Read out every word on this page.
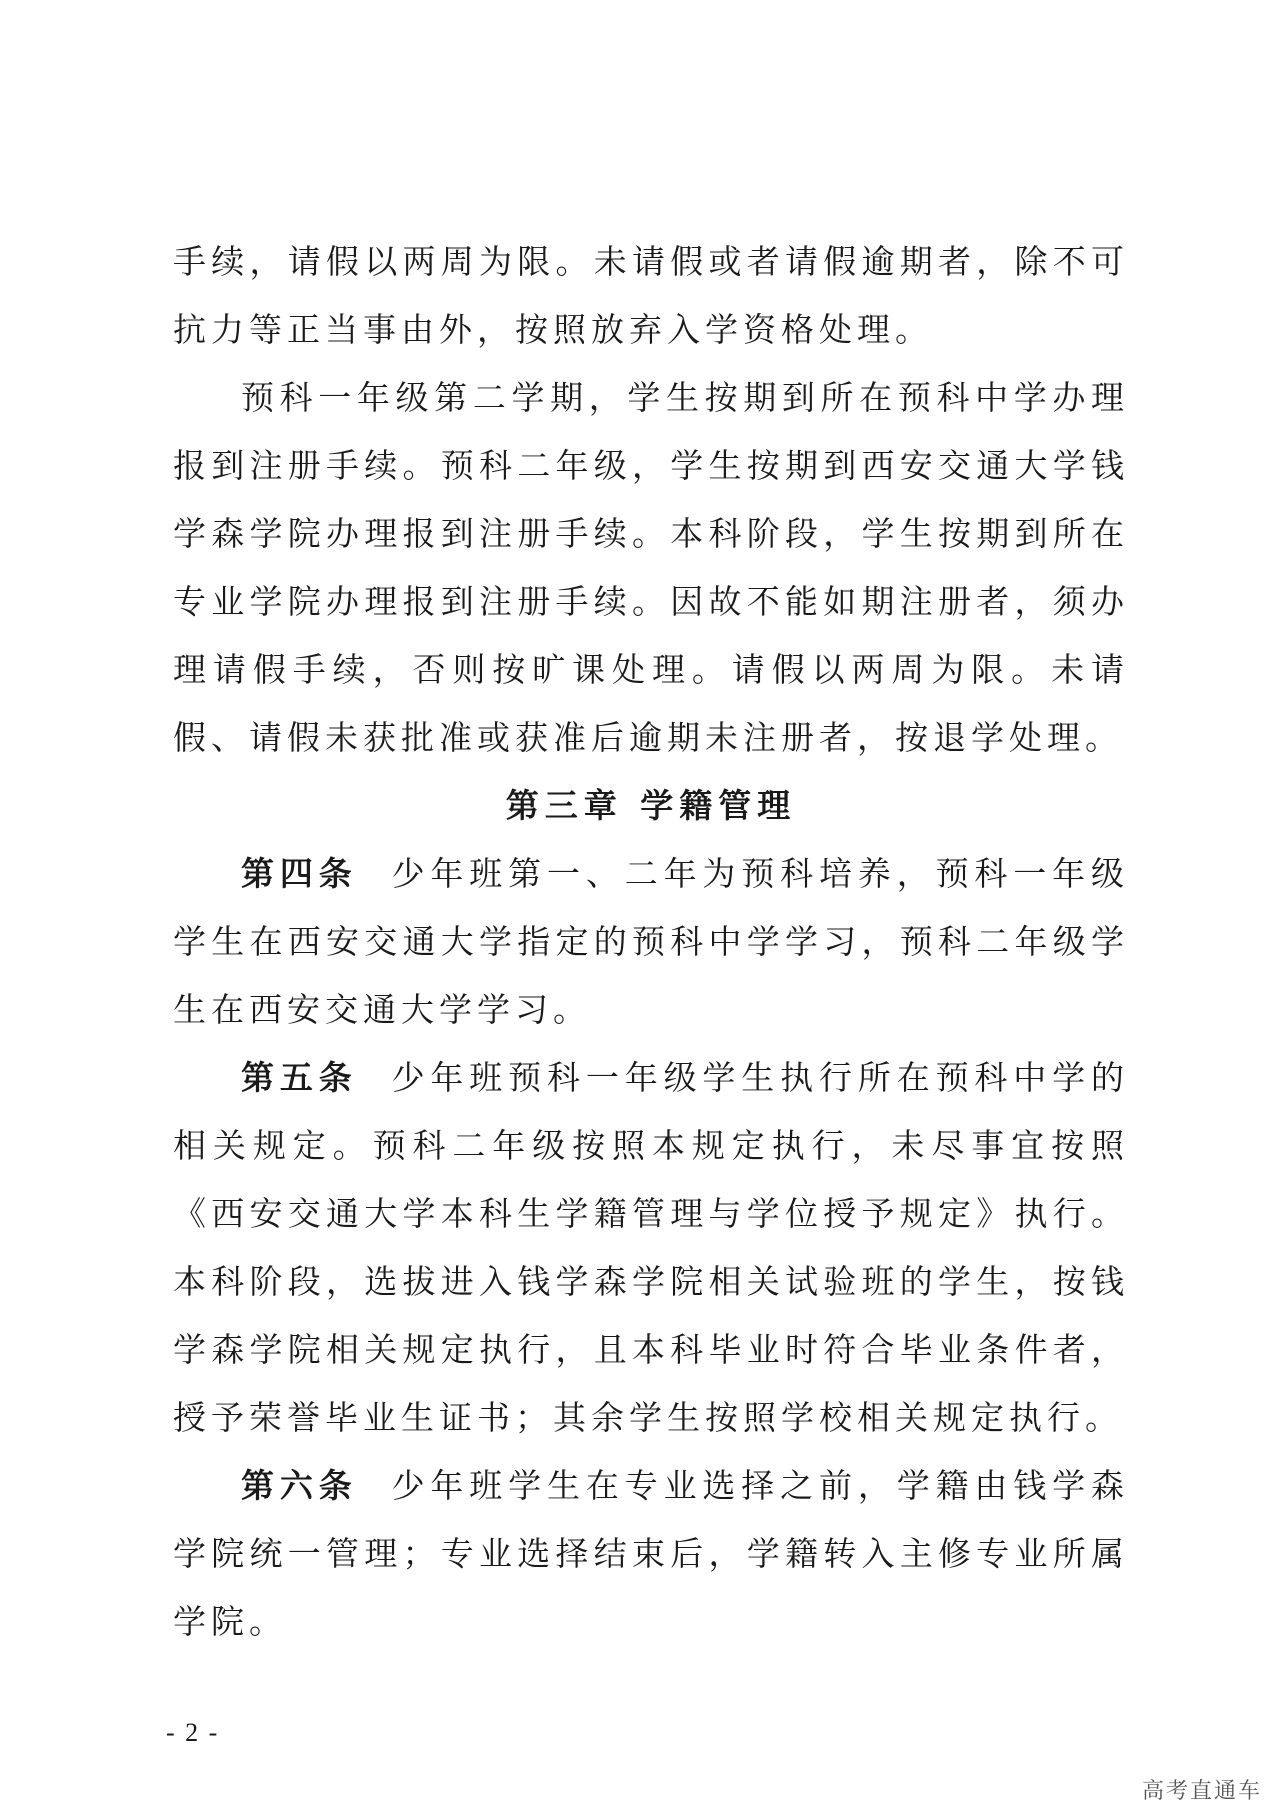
手续，请假以两周为限。未请假或者请假逾期者，除不可抗力等正当事由外，按照放弃入学资格处理。

预科一年级第二学期，学生按期到所在预科中学办理报到注册手续。预科二年级，学生按期到西安交通大学钱学森学院办理报到注册手续。本科阶段，学生按期到所在专业学院办理报到注册手续。因故不能如期注册者，须办理请假手续，否则按旷课处理。请假以两周为限。未请假、请假未获批准或获准后逾期未注册者，按退学处理。

第三章 学籍管理

第四条 少年班第一、二年为预科培养，预科一年级学生在西安交通大学指定的预科中学学习，预科二年级学生在西安交通大学学习。

第五条 少年班预科一年级学生执行所在预科中学的相关规定。预科二年级按照本规定执行，未尽事宜按照《西安交通大学本科生学籍管理与学位授予规定》执行。本科阶段，选拔进入钱学森学院相关试验班的学生，按钱学森学院相关规定执行，且本科毕业时符合毕业条件者，授予荣誉毕业生证书；其余学生按照学校相关规定执行。

第六条 少年班学生在专业选择之前，学籍由钱学森学院统一管理；专业选择结束后，学籍转入主修专业所属学院。

- 2 -
高考直通车
